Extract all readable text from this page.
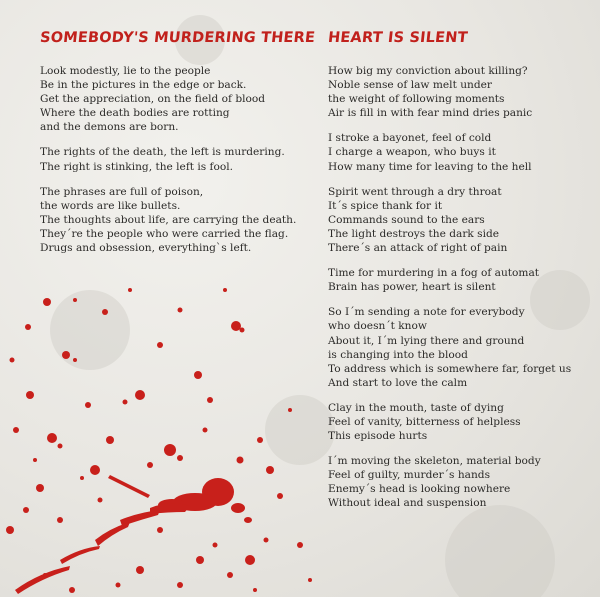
SOMEBODY'S MURDERING THERE
Look modestly, lie to the people
Be in the pictures in the edge or back.
Get the appreciation, on the field of blood
Where the death bodies are rotting
and the demons are born.
The rights of the death, the left is murdering.
The right is stinking, the left is fool.
The phrases are full of poison,
the words are like bullets.
The thoughts about life, are carrying the death.
They´re the people who were carried the flag.
Drugs and obsession, everything`s left.
HEART IS SILENT
How big my conviction about killing?
Noble sense of law melt under
the weight of following moments
Air is fill in with fear mind dries panic
I stroke a bayonet, feel of cold
I charge a weapon, who buys it
How many time for leaving to the hell
Spirit went through a dry throat
It´s spice thank for it
Commands sound to the ears
The light destroys the dark side
There´s an attack of right of pain
Time for murdering in a fog of automat
Brain has power, heart is silent
So I´m sending a note for everybody
who doesn´t know
About it, I´m lying there and ground
is changing into the blood
To address which is somewhere far, forget us
And start to love the calm
Clay in the mouth, taste of dying
Feel of vanity, bitterness of helpless
This episode hurts
I´m moving the skeleton, material body
Feel of guilty, murder´s hands
Enemy´s head is looking nowhere
Without ideal and suspension
